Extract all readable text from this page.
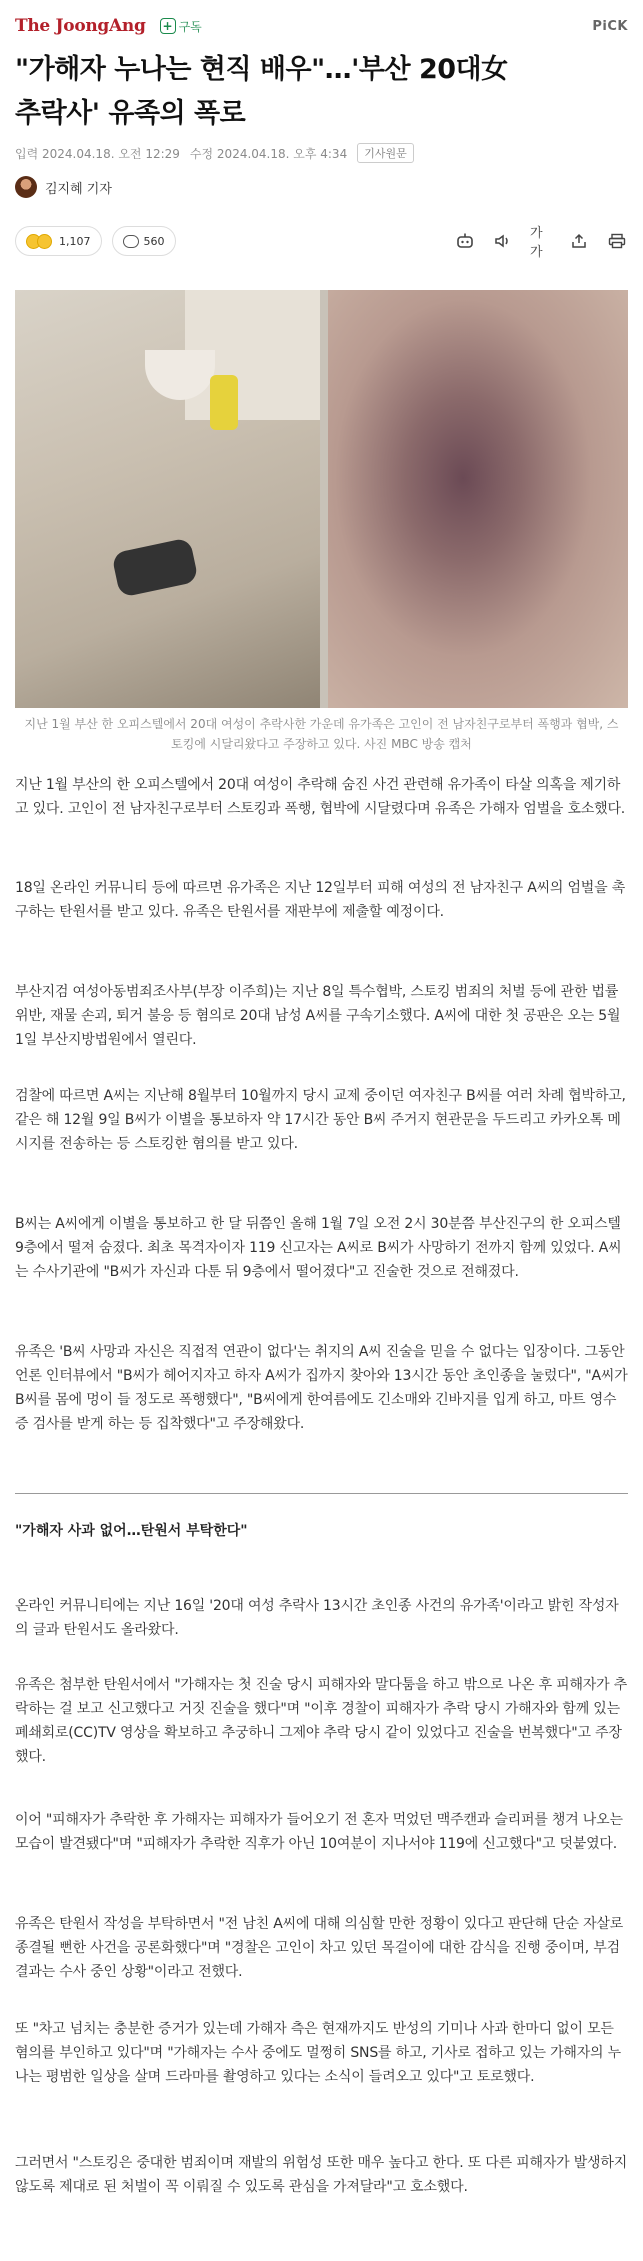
The JoongAng + 구독	PiCK
"가해자 누나는 현직 배우"…'부산 20대女
추락사' 유족의 폭로
입력 2024.04.18. 오전 12:29 수정 2024.04.18. 오후 4:34	기사원문
김지혜 기자
1,107	560	가가
지난 1월 부산 한 오피스텔에서 20대 여성이 추락사한 가운데 유가족은 고인이 전 남자친구로부터 폭행과 협박, 스토킹에 시달리왔다고 주장하고 있다. 사진 MBC 방송 캡처

지난 1월 부산의 한 오피스텔에서 20대 여성이 추락해 숨진 사건 관련해 유가족이 타살 의혹을 제기하고 있다. 고인이 전 남자친구로부터 스토킹과 폭행, 협박에 시달렸다며 유족은 가해자 엄벌을 호소했다.

18일 온라인 커뮤니티 등에 따르면 유가족은 지난 12일부터 피해 여성의 전 남자친구 A씨의 엄벌을 촉구하는 탄원서를 받고 있다. 유족은 탄원서를 재판부에 제출할 예정이다.

부산지검 여성아동범죄조사부(부장 이주희)는 지난 8일 특수협박, 스토킹 범죄의 처벌 등에 관한 법률 위반, 재물 손괴, 퇴거 불응 등 혐의로 20대 남성 A씨를 구속기소했다. A씨에 대한 첫 공판은 오는 5월 1일 부산지방법원에서 열린다.

검찰에 따르면 A씨는 지난해 8월부터 10월까지 당시 교제 중이던 여자친구 B씨를 여러 차례 협박하고, 같은 해 12월 9일 B씨가 이별을 통보하자 약 17시간 동안 B씨 주거지 현관문을 두드리고 카카오톡 메시지를 전송하는 등 스토킹한 혐의를 받고 있다.

B씨는 A씨에게 이별을 통보하고 한 달 뒤쯤인 올해 1월 7일 오전 2시 30분쯤 부산진구의 한 오피스텔 9층에서 떨져 숨졌다. 최초 목격자이자 119 신고자는 A씨로 B씨가 사망하기 전까지 함께 있었다. A씨는 수사기관에 "B씨가 자신과 다툰 뒤 9층에서 떨어졌다"고 진술한 것으로 전해졌다.

유족은 'B씨 사망과 자신은 직접적 연관이 없다'는 취지의 A씨 진술을 믿을 수 없다는 입장이다. 그동안 언론 인터뷰에서 "B씨가 헤어지자고 하자 A씨가 집까지 찾아와 13시간 동안 초인종을 눌렀다", "A씨가 B씨를 몸에 멍이 들 정도로 폭행했다", "B씨에게 한여름에도 긴소매와 긴바지를 입게 하고, 마트 영수증 검사를 받게 하는 등 집착했다"고 주장해왔다.

"가해자 사과 없어…탄원서 부탁한다"

온라인 커뮤니티에는 지난 16일 '20대 여성 추락사 13시간 초인종 사건의 유가족'이라고 밝힌 작성자의 글과 탄원서도 올라왔다.

유족은 첨부한 탄원서에서 "가해자는 첫 진술 당시 피해자와 말다툼을 하고 밖으로 나온 후 피해자가 추락하는 걸 보고 신고했다고 거짓 진술을 했다"며 "이후 경찰이 피해자가 추락 당시 가해자와 함께 있는 폐쇄회로(CC)TV 영상을 확보하고 추궁하니 그제야 추락 당시 같이 있었다고 진술을 번복했다"고 주장했다.

이어 "피해자가 추락한 후 가해자는 피해자가 들어오기 전 혼자 먹었던 맥주캔과 슬리퍼를 챙겨 나오는 모습이 발견됐다"며 "피해자가 추락한 직후가 아닌 10여분이 지나서야 119에 신고했다"고 덧붙였다.

유족은 탄원서 작성을 부탁하면서 "전 남친 A씨에 대해 의심할 만한 정황이 있다고 판단해 단순 자살로 종결될 뻔한 사건을 공론화했다"며 "경찰은 고인이 차고 있던 목걸이에 대한 감식을 진행 중이며, 부검 결과는 수사 중인 상황"이라고 전했다.

또 "차고 넘치는 충분한 증거가 있는데 가해자 측은 현재까지도 반성의 기미나 사과 한마디 없이 모든 혐의를 부인하고 있다"며 "가해자는 수사 중에도 멀쩡히 SNS를 하고, 기사로 접하고 있는 가해자의 누나는 평범한 일상을 살며 드라마를 촬영하고 있다는 소식이 들려오고 있다"고 토로했다.

그러면서 "스토킹은 중대한 범죄이며 재발의 위험성 또한 매우 높다고 한다. 또 다른 피해자가 발생하지 않도록 제대로 된 처벌이 꼭 이뤄질 수 있도록 관심을 가져달라"고 호소했다.
